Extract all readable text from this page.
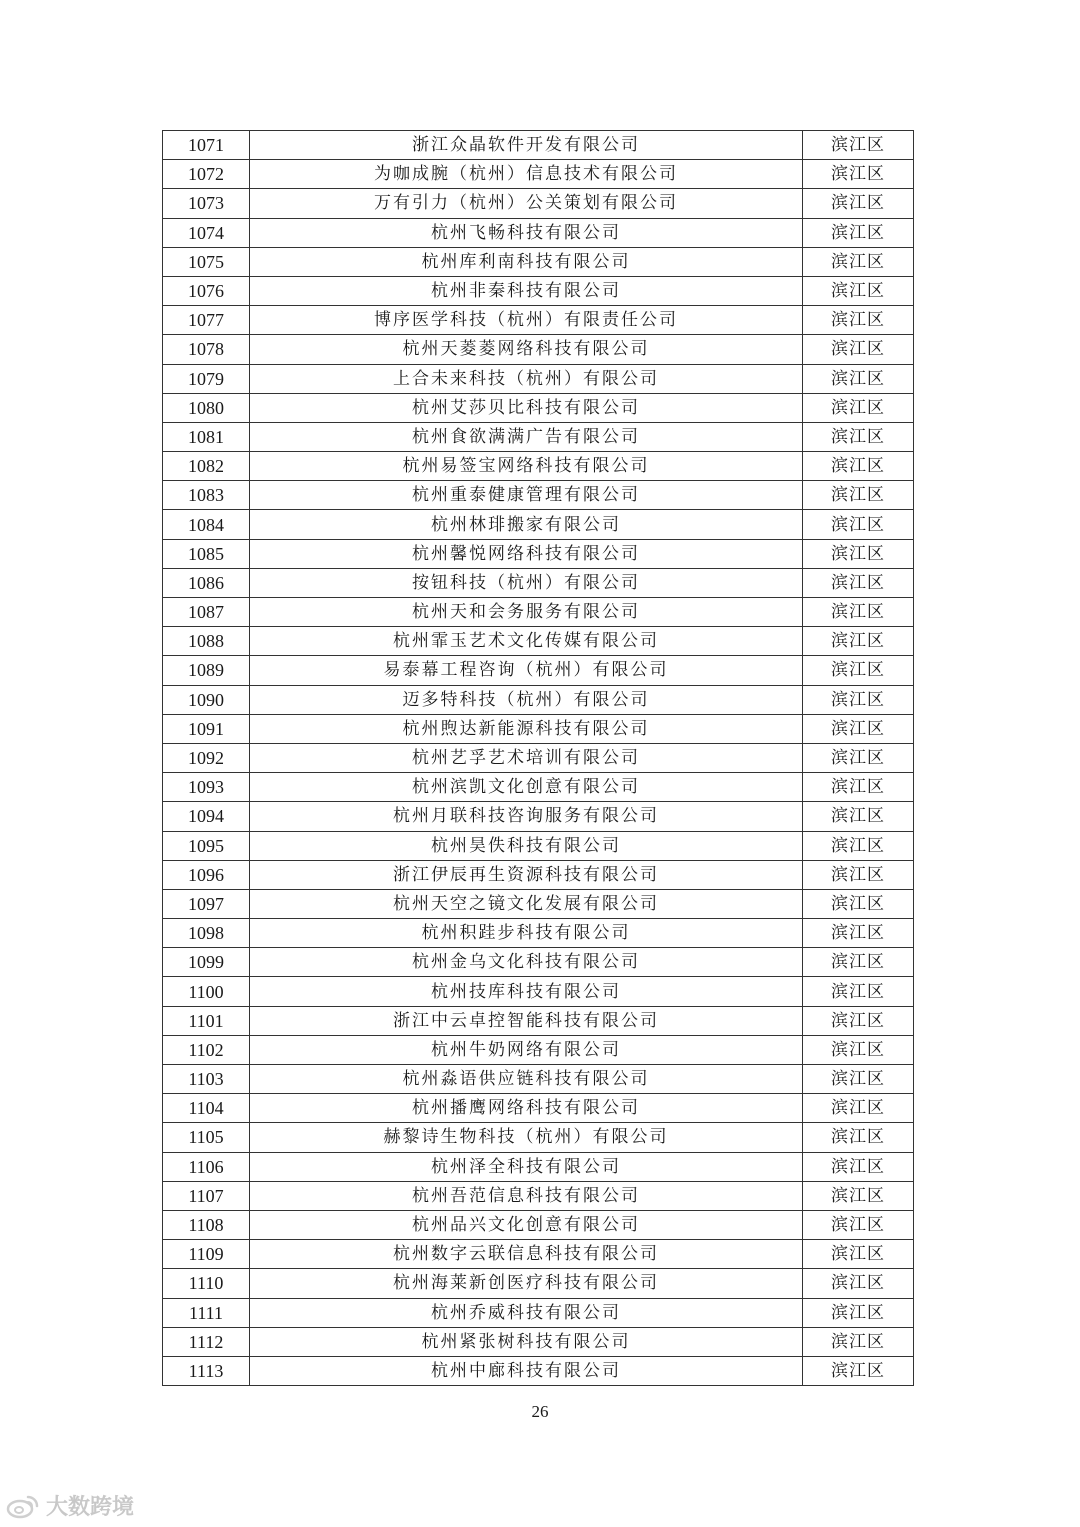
1071	浙江众晶软件开发有限公司	滨江区
1072	为咖成腕（杭州）信息技术有限公司	滨江区
1073	万有引力（杭州）公关策划有限公司	滨江区
1074	杭州飞畅科技有限公司	滨江区
1075	杭州库利南科技有限公司	滨江区
1076	杭州非秦科技有限公司	滨江区
1077	博序医学科技（杭州）有限责任公司	滨江区
1078	杭州天菱菱网络科技有限公司	滨江区
1079	上合未来科技（杭州）有限公司	滨江区
1080	杭州艾莎贝比科技有限公司	滨江区
1081	杭州食欲满满广告有限公司	滨江区
1082	杭州易签宝网络科技有限公司	滨江区
1083	杭州重泰健康管理有限公司	滨江区
1084	杭州林琲搬家有限公司	滨江区
1085	杭州馨悦网络科技有限公司	滨江区
1086	按钮科技（杭州）有限公司	滨江区
1087	杭州天和会务服务有限公司	滨江区
1088	杭州霏玉艺术文化传媒有限公司	滨江区
1089	易泰幕工程咨询（杭州）有限公司	滨江区
1090	迈多特科技（杭州）有限公司	滨江区
1091	杭州煦达新能源科技有限公司	滨江区
1092	杭州艺孚艺术培训有限公司	滨江区
1093	杭州滨凯文化创意有限公司	滨江区
1094	杭州月联科技咨询服务有限公司	滨江区
1095	杭州昊佚科技有限公司	滨江区
1096	浙江伊辰再生资源科技有限公司	滨江区
1097	杭州天空之镜文化发展有限公司	滨江区
1098	杭州积跬步科技有限公司	滨江区
1099	杭州金乌文化科技有限公司	滨江区
1100	杭州技库科技有限公司	滨江区
1101	浙江中云卓控智能科技有限公司	滨江区
1102	杭州牛奶网络有限公司	滨江区
1103	杭州淼语供应链科技有限公司	滨江区
1104	杭州播鹰网络科技有限公司	滨江区
1105	赫黎诗生物科技（杭州）有限公司	滨江区
1106	杭州泽全科技有限公司	滨江区
1107	杭州吾范信息科技有限公司	滨江区
1108	杭州品兴文化创意有限公司	滨江区
1109	杭州数字云联信息科技有限公司	滨江区
1110	杭州海莱新创医疗科技有限公司	滨江区
1111	杭州乔威科技有限公司	滨江区
1112	杭州紧张树科技有限公司	滨江区
1113	杭州中廊科技有限公司	滨江区
26
大数跨境
